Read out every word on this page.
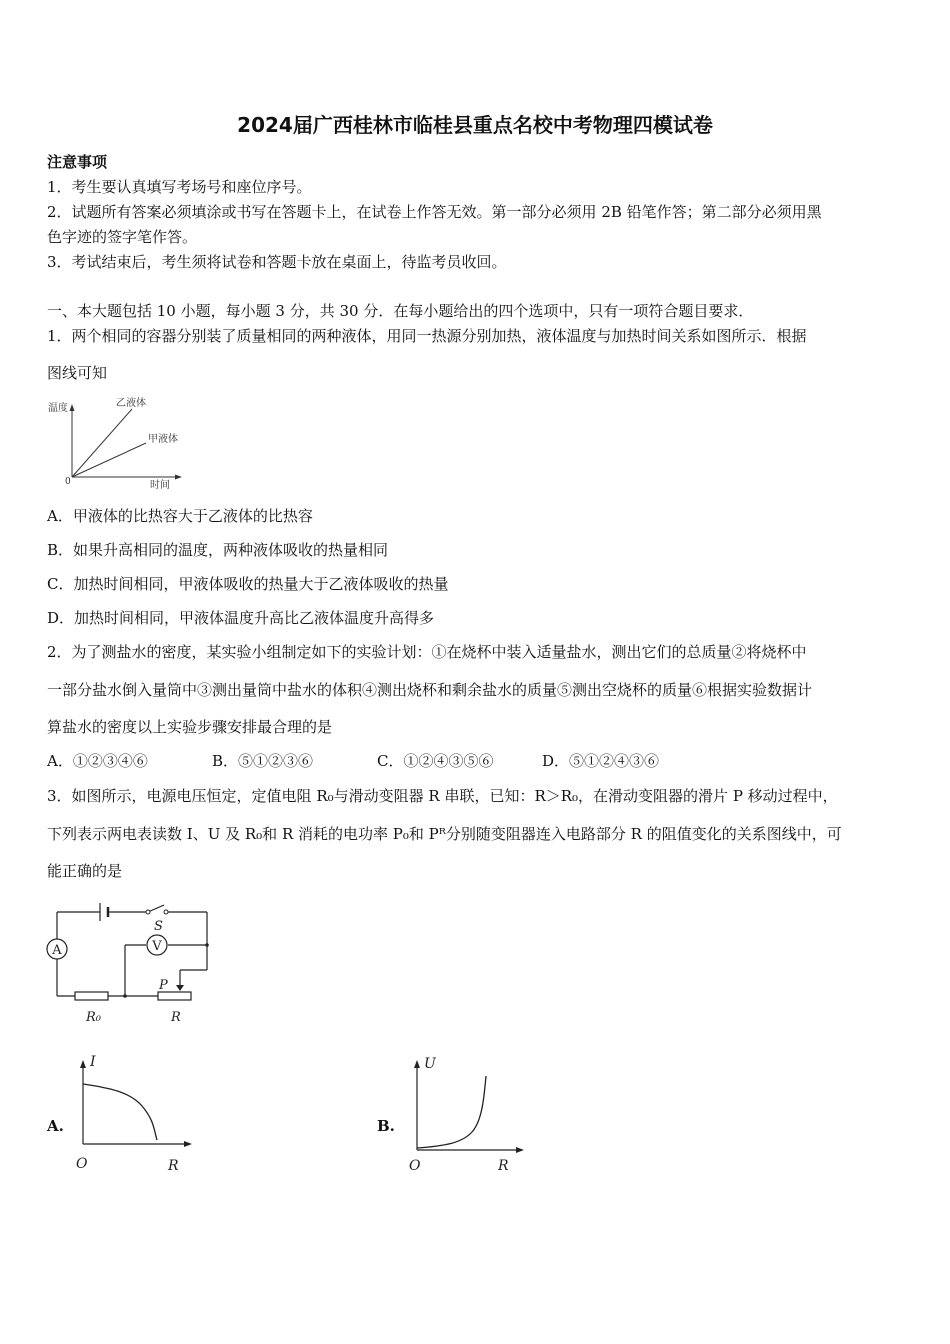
2024届广西桂林市临桂县重点名校中考物理四模试卷
注意事项
1．考生要认真填写考场号和座位序号。
2．试题所有答案必须填涂或书写在答题卡上，在试卷上作答无效。第一部分必须用 2B 铅笔作答；第二部分必须用黑
色字迹的签字笔作答。
3．考试结束后，考生须将试卷和答题卡放在桌面上，待监考员收回。
一、本大题包括 10 小题，每小题 3 分，共 30 分．在每小题给出的四个选项中，只有一项符合题目要求．
1．两个相同的容器分别装了质量相同的两种液体，用同一热源分别加热，液体温度与加热时间关系如图所示．根据
图线可知
温度
时间
0
乙液体
甲液体
A．甲液体的比热容大于乙液体的比热容
B．如果升高相同的温度，两种液体吸收的热量相同
C．加热时间相同，甲液体吸收的热量大于乙液体吸收的热量
D．加热时间相同，甲液体温度升高比乙液体温度升高得多
2．为了测盐水的密度，某实验小组制定如下的实验计划：①在烧杯中装入适量盐水，测出它们的总质量②将烧杯中
一部分盐水倒入量筒中③测出量筒中盐水的体积④测出烧杯和剩余盐水的质量⑤测出空烧杯的质量⑥根据实验数据计
算盐水的密度以上实验步骤安排最合理的是
A．①②③④⑥	B．⑤①②③⑥	C．①②④③⑤⑥	D．⑤①②④③⑥
3．如图所示，电源电压恒定，定值电阻 R₀与滑动变阻器 R 串联，已知：R＞R₀，在滑动变阻器的滑片 P 移动过程中，
下列表示两电表读数 I、U 及 R₀和 R 消耗的电功率 P₀和 Pᴿ分别随变阻器连入电路部分 R 的阻值变化的关系图线中，可
能正确的是
A	V
S
P
R₀	R
A.
I
R
O
B.
U
R
O
